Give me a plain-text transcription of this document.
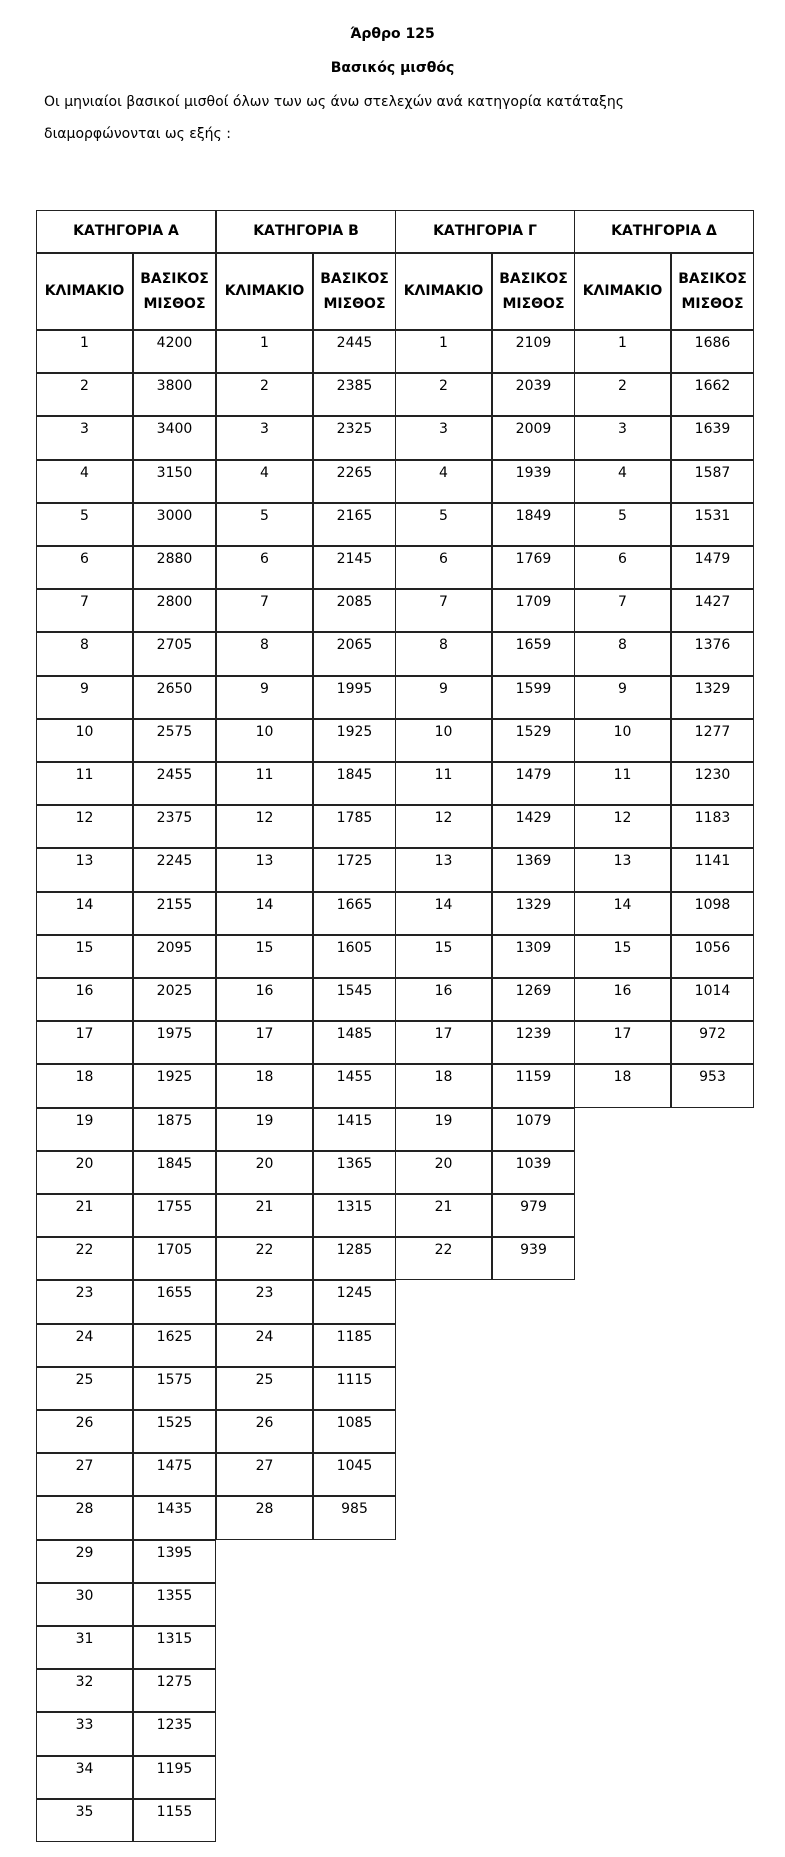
Άρθρο 125
Βασικός μισθός
Οι μηνιαίοι βασικοί μισθοί όλων των ως άνω στελεχών ανά κατηγορία κατάταξης
διαμορφώνονται ως εξής :
ΚΑΤΗΓΟΡΙΑ Α
ΚΛΙΜΑΚΙΟ
ΒΑΣΙΚΟΣ
ΜΙΣΘΟΣ
1	4200
2	3800
3	3400
4	3150
5	3000
6	2880
7	2800
8	2705
9	2650
10	2575
11	2455
12	2375
13	2245
14	2155
15	2095
16	2025
17	1975
18	1925
19	1875
20	1845
21	1755
22	1705
23	1655
24	1625
25	1575
26	1525
27	1475
28	1435
29	1395
30	1355
31	1315
32	1275
33	1235
34	1195
35	1155
ΚΑΤΗΓΟΡΙΑ Β
ΚΛΙΜΑΚΙΟ
ΒΑΣΙΚΟΣ
ΜΙΣΘΟΣ
1	2445
2	2385
3	2325
4	2265
5	2165
6	2145
7	2085
8	2065
9	1995
10	1925
11	1845
12	1785
13	1725
14	1665
15	1605
16	1545
17	1485
18	1455
19	1415
20	1365
21	1315
22	1285
23	1245
24	1185
25	1115
26	1085
27	1045
28	985
ΚΑΤΗΓΟΡΙΑ Γ
ΚΛΙΜΑΚΙΟ
ΒΑΣΙΚΟΣ
ΜΙΣΘΟΣ
1	2109
2	2039
3	2009
4	1939
5	1849
6	1769
7	1709
8	1659
9	1599
10	1529
11	1479
12	1429
13	1369
14	1329
15	1309
16	1269
17	1239
18	1159
19	1079
20	1039
21	979
22	939
ΚΑΤΗΓΟΡΙΑ Δ
ΚΛΙΜΑΚΙΟ
ΒΑΣΙΚΟΣ
ΜΙΣΘΟΣ
1	1686
2	1662
3	1639
4	1587
5	1531
6	1479
7	1427
8	1376
9	1329
10	1277
11	1230
12	1183
13	1141
14	1098
15	1056
16	1014
17	972
18	953
